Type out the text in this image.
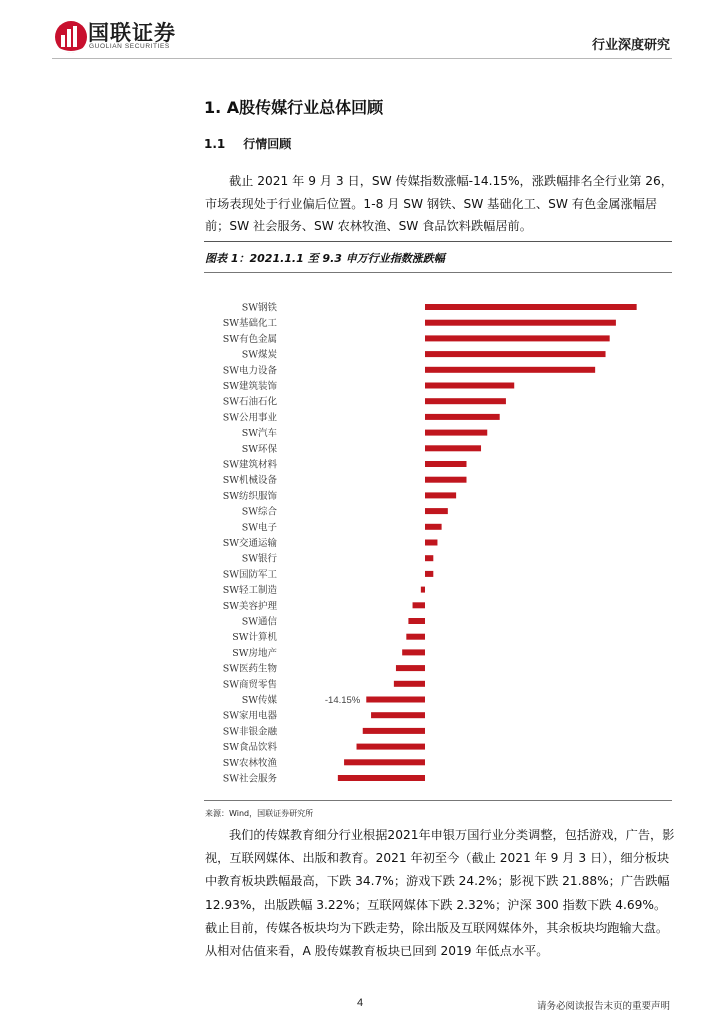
国联证券
GUOLIAN SECURITIES	行业深度研究
1. A股传媒行业总体回顾
1.1 行情回顾
截止 2021 年 9 月 3 日，SW 传媒指数涨幅-14.15%，涨跌幅排名全行业第 26，市场表现处于行业偏后位置。1-8 月 SW 钢铁、SW 基础化工、SW 有色金属涨幅居前；SW 社会服务、SW 农林牧渔、SW 食品饮料跌幅居前。
图表 1：2021.1.1 至 9.3 申万行业指数涨跌幅
SW钢铁
SW基础化工
SW有色金属
SW煤炭
SW电力设备
SW建筑装饰
SW石油石化
SW公用事业
SW汽车
SW环保
SW建筑材料
SW机械设备
SW纺织服饰
SW综合
SW电子
SW交通运输
SW银行
SW国防军工
SW轻工制造
SW美容护理
SW通信
SW计算机
SW房地产
SW医药生物
SW商贸零售
SW传媒
SW家用电器
SW非银金融
SW食品饮料
SW农林牧渔
SW社会服务
-14.15%
来源：Wind，国联证券研究所
我们的传媒教育细分行业根据2021年申银万国行业分类调整，包括游戏，广告，影视，互联网媒体、出版和教育。2021 年初至今（截止 2021 年 9 月 3 日），细分板块中教育板块跌幅最高，下跌 34.7%；游戏下跌 24.2%；影视下跌 21.88%；广告跌幅 12.93%，出版跌幅 3.22%；互联网媒体下跌 2.32%；沪深 300 指数下跌 4.69%。截止目前，传媒各板块均为下跌走势，除出版及互联网媒体外，其余板块均跑输大盘。从相对估值来看，A 股传媒教育板块已回到 2019 年低点水平。
4	请务必阅读报告末页的重要声明
